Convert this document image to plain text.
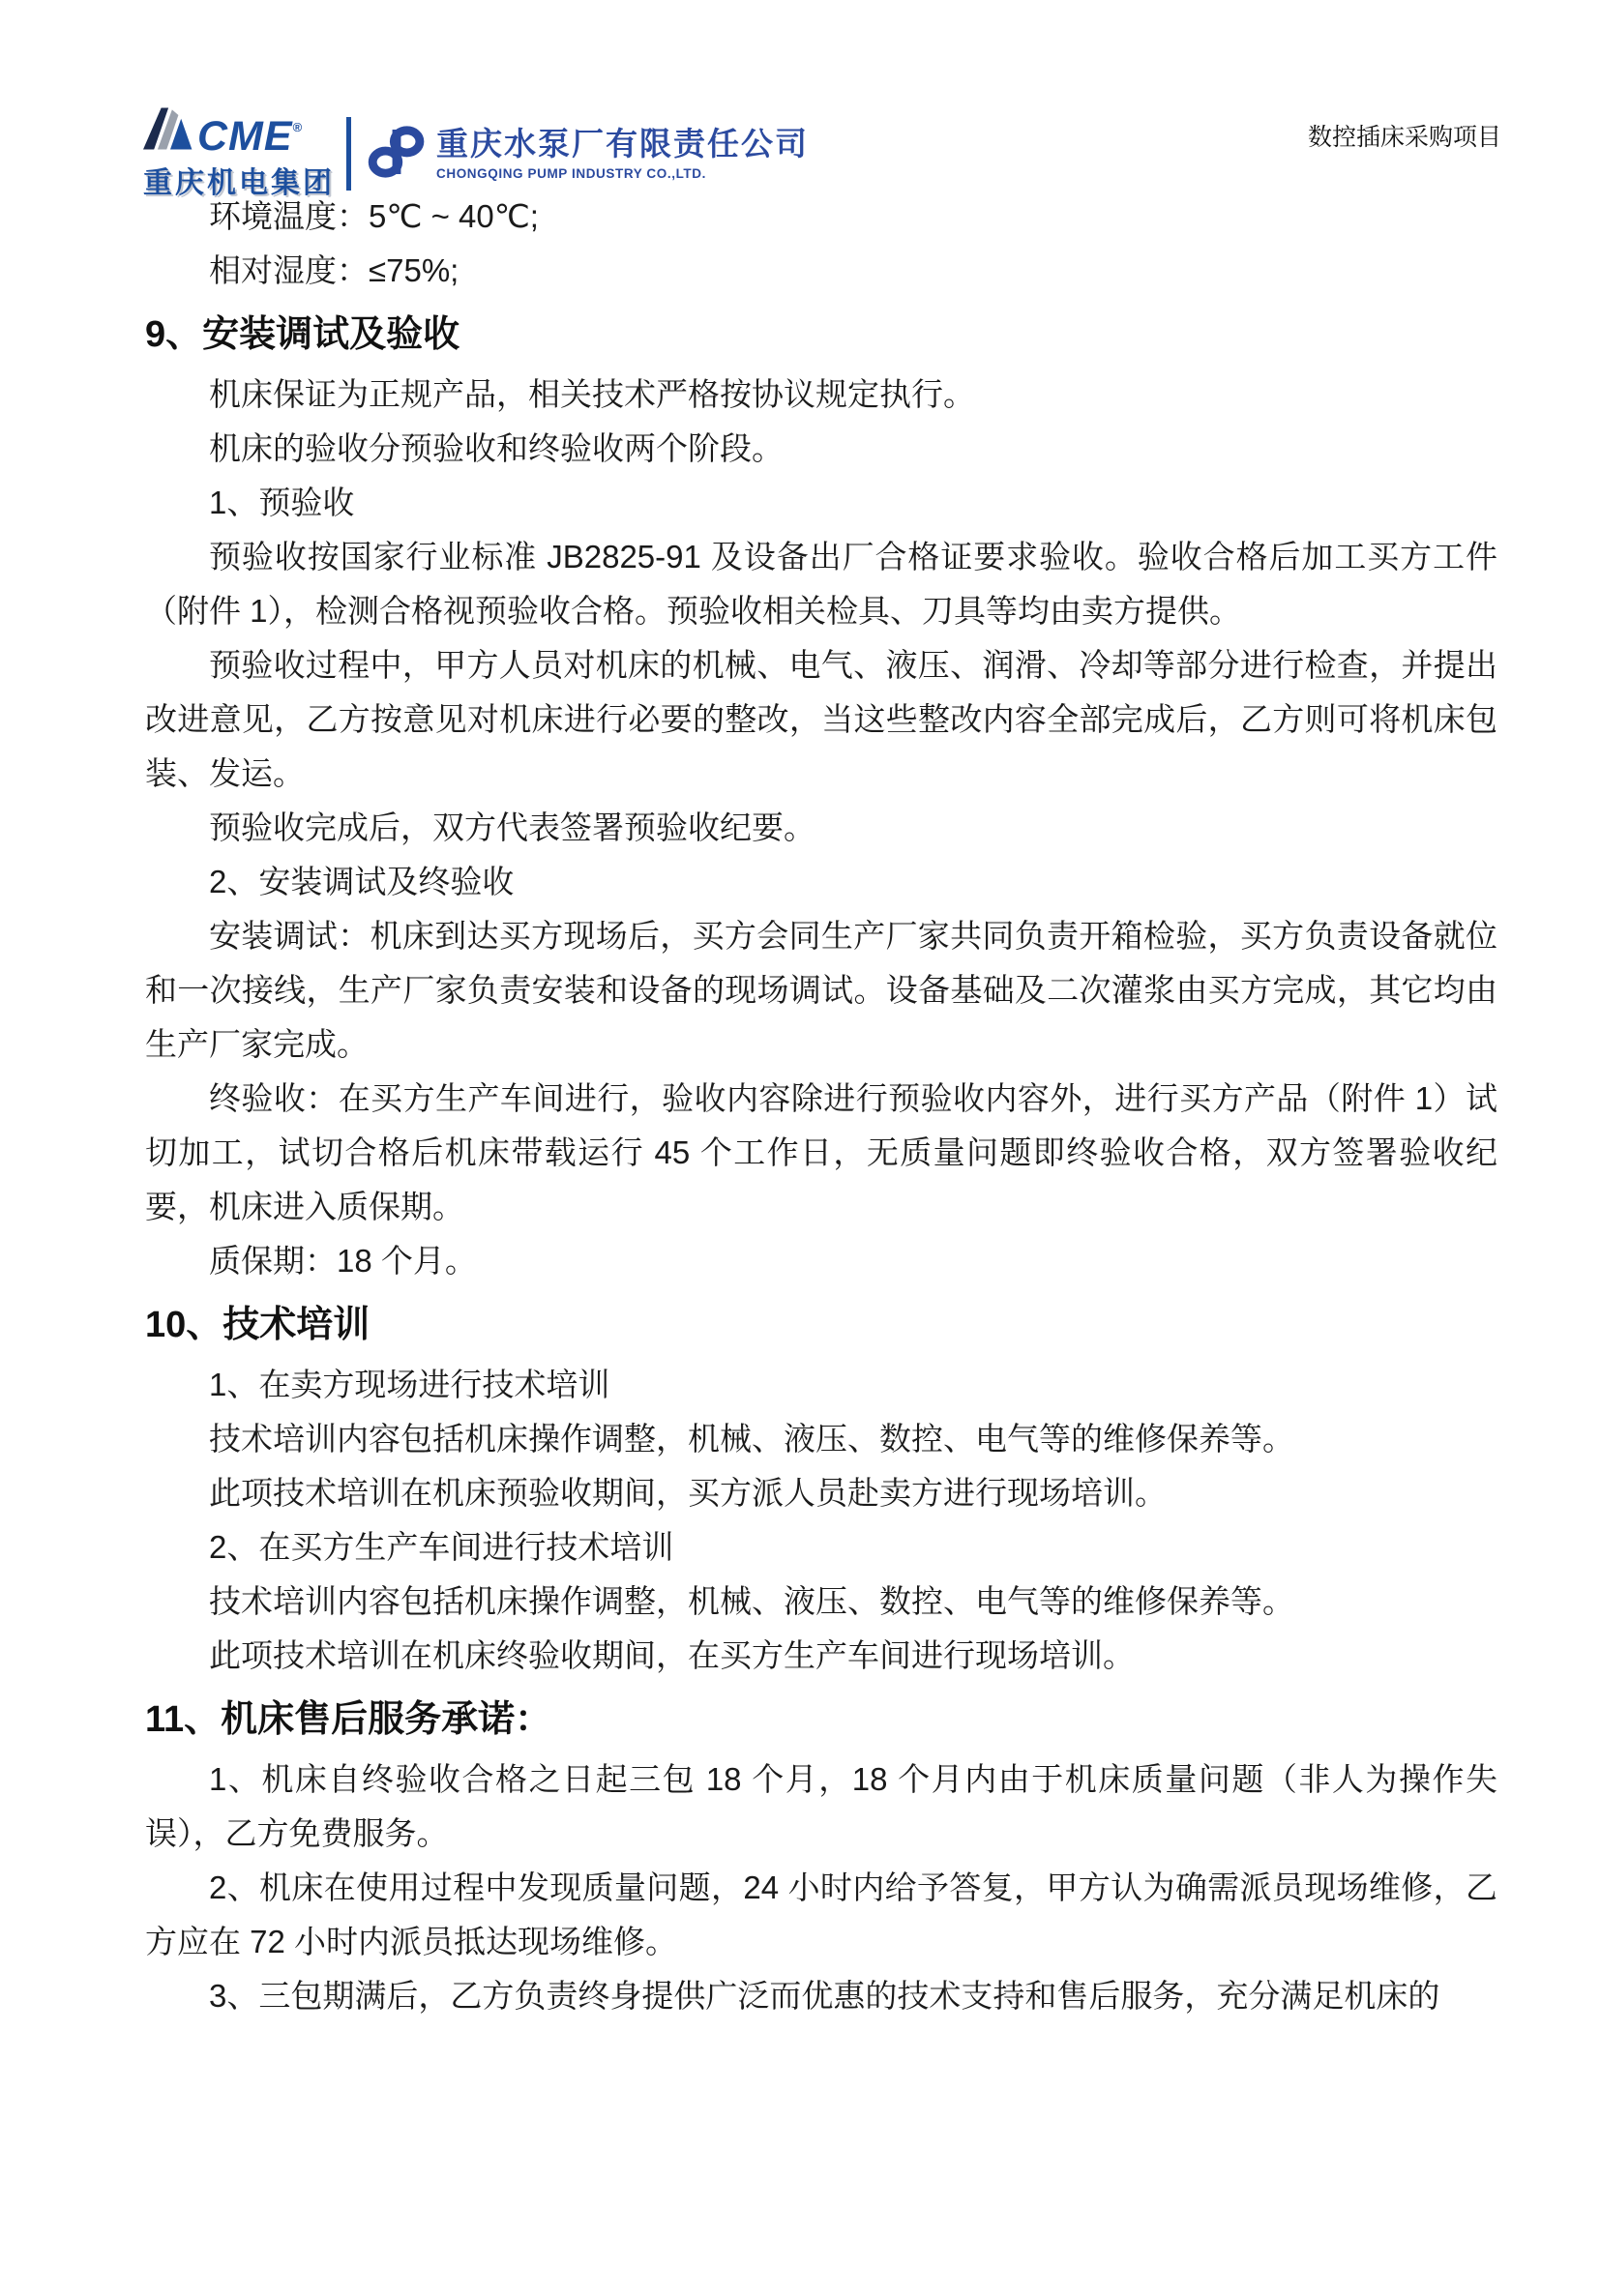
CME ®
重庆机电集团
重庆水泵厂有限责任公司
CHONGQING PUMP INDUSTRY CO.,LTD.
数控插床采购项目

环境温度：5℃ ~ 40℃;

相对湿度：≤75%;

9、安装调试及验收

机床保证为正规产品，相关技术严格按协议规定执行。

机床的验收分预验收和终验收两个阶段。

1、预验收

预验收按国家行业标准 JB2825-91 及设备出厂合格证要求验收。验收合格后加工买方工件（附件 1），检测合格视预验收合格。预验收相关检具、刀具等均由卖方提供。

预验收过程中，甲方人员对机床的机械、电气、液压、润滑、冷却等部分进行检查，并提出改进意见，乙方按意见对机床进行必要的整改，当这些整改内容全部完成后，乙方则可将机床包装、发运。

预验收完成后，双方代表签署预验收纪要。

2、安装调试及终验收

安装调试：机床到达买方现场后，买方会同生产厂家共同负责开箱检验，买方负责设备就位和一次接线，生产厂家负责安装和设备的现场调试。设备基础及二次灌浆由买方完成，其它均由生产厂家完成。

终验收：在买方生产车间进行，验收内容除进行预验收内容外，进行买方产品（附件 1）试切加工，试切合格后机床带载运行 45 个工作日，无质量问题即终验收合格，双方签署验收纪要，机床进入质保期。

质保期：18 个月。

10、技术培训

1、在卖方现场进行技术培训

技术培训内容包括机床操作调整，机械、液压、数控、电气等的维修保养等。

此项技术培训在机床预验收期间，买方派人员赴卖方进行现场培训。

2、在买方生产车间进行技术培训

技术培训内容包括机床操作调整，机械、液压、数控、电气等的维修保养等。

此项技术培训在机床终验收期间，在买方生产车间进行现场培训。

11、机床售后服务承诺：

1、机床自终验收合格之日起三包 18 个月，18 个月内由于机床质量问题（非人为操作失误），乙方免费服务。

2、机床在使用过程中发现质量问题，24 小时内给予答复，甲方认为确需派员现场维修，乙方应在 72 小时内派员抵达现场维修。

3、三包期满后，乙方负责终身提供广泛而优惠的技术支持和售后服务，充分满足机床的
